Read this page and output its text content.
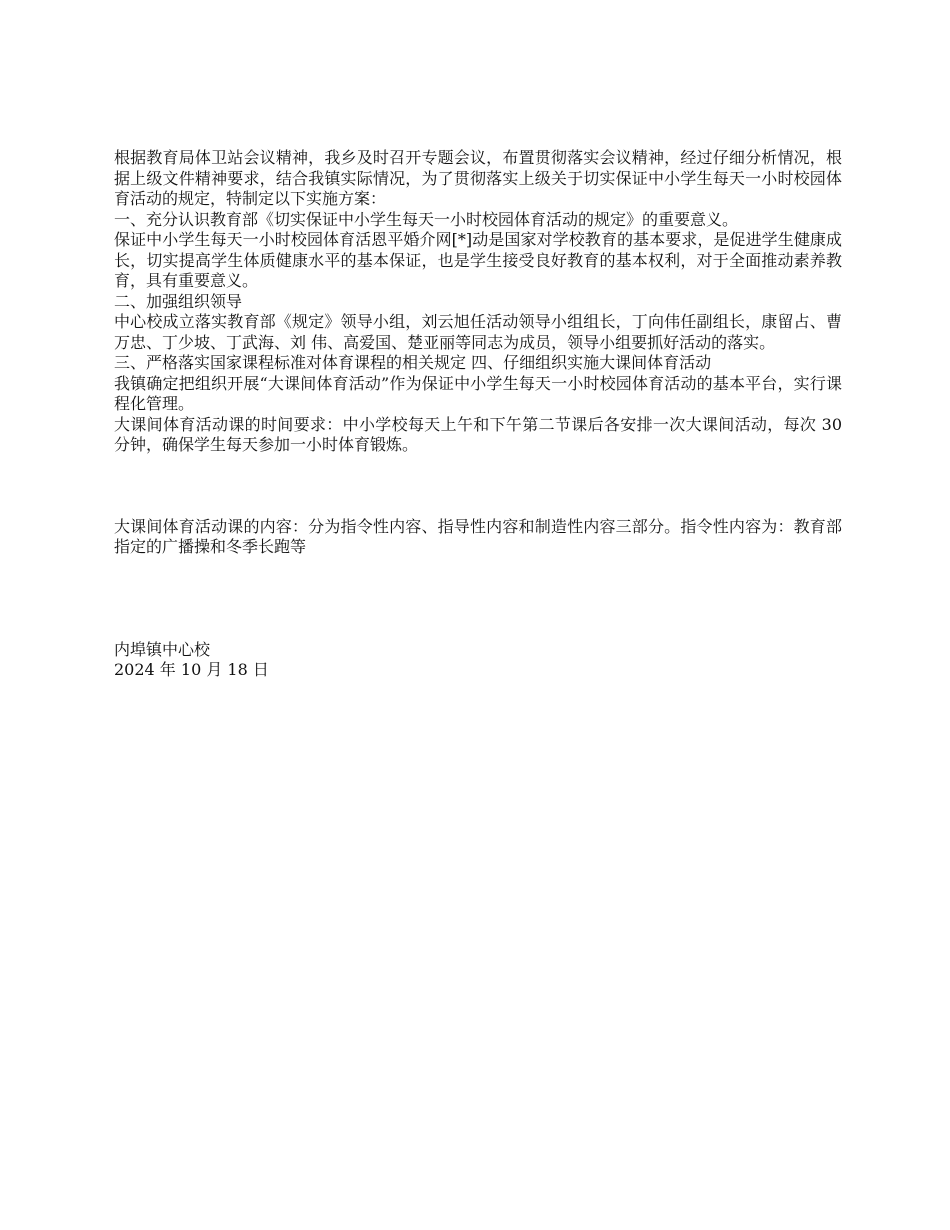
根据教育局体卫站会议精神，我乡及时召开专题会议，布置贯彻落实会议精神，经过仔细分析情况，根据上级文件精神要求，结合我镇实际情况，为了贯彻落实上级关于切实保证中小学生每天一小时校园体育活动的规定，特制定以下实施方案：

一、充分认识教育部《切实保证中小学生每天一小时校园体育活动的规定》的重要意义。

保证中小学生每天一小时校园体育活恩平婚介网[*]动是国家对学校教育的基本要求，是促进学生健康成长，切实提高学生体质健康水平的基本保证，也是学生接受良好教育的基本权利，对于全面推动素养教育，具有重要意义。

二、加强组织领导

中心校成立落实教育部《规定》领导小组，刘云旭任活动领导小组组长，丁向伟任副组长，康留占、曹万忠、丁少坡、丁武海、刘 伟、高爱国、楚亚丽等同志为成员，领导小组要抓好活动的落实。

三、严格落实国家课程标准对体育课程的相关规定 四、仔细组织实施大课间体育活动

我镇确定把组织开展“大课间体育活动”作为保证中小学生每天一小时校园体育活动的基本平台，实行课程化管理。

大课间体育活动课的时间要求：中小学校每天上午和下午第二节课后各安排一次大课间活动，每次 30 分钟，确保学生每天参加一小时体育锻炼。

大课间体育活动课的内容：分为指令性内容、指导性内容和制造性内容三部分。指令性内容为：教育部指定的广播操和冬季长跑等

内埠镇中心校

2024 年 10 月 18 日
